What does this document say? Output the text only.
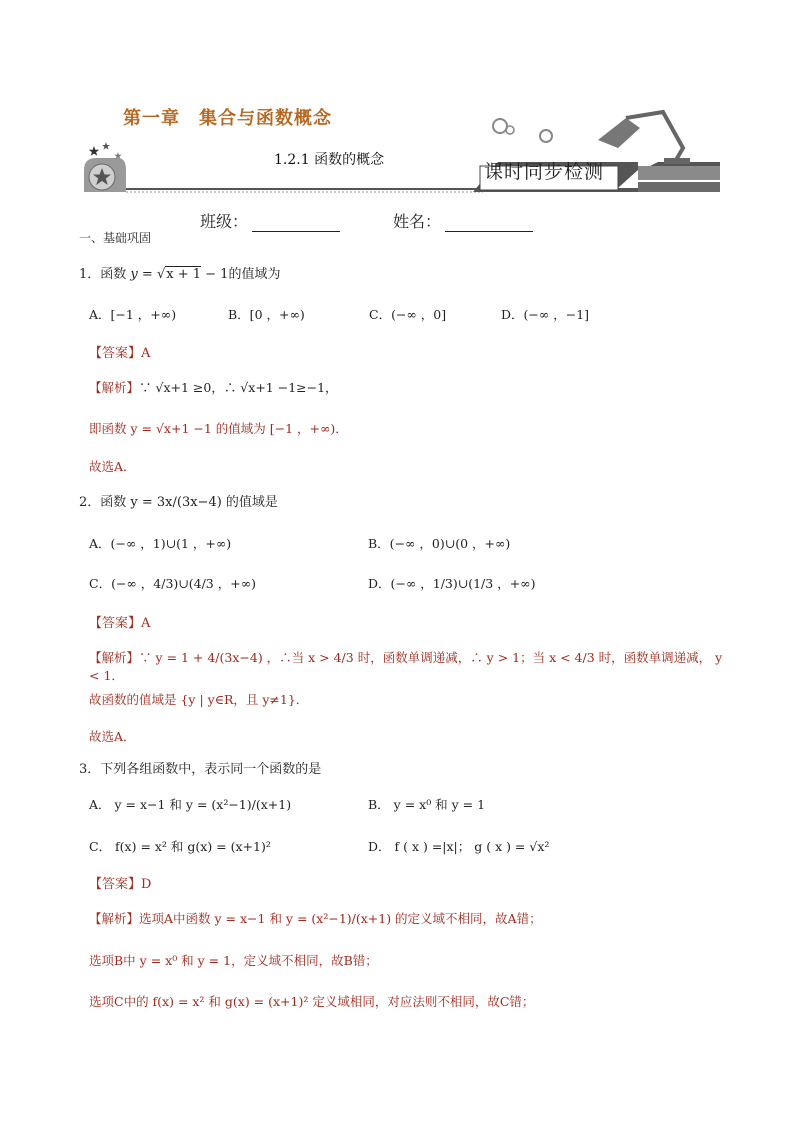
第一章　集合与函数概念
1.2.1 函数的概念
课时同步检测
班级：	姓名：
一、基础巩固
1．函数 y = √x + 1 − 1的值域为
A．[−1 ，+∞)	B．[0 ，+∞)	C．(−∞ ，0]	D．(−∞ ，−1]
【答案】A
【解析】∵ √x+1 ≥0，∴ √x+1 −1≥−1，
即函数 y = √x+1 −1 的值域为 [−1 ，+∞)．
故选A．
2．函数 y = 3x/(3x−4) 的值域是
A．(−∞ ，1)∪(1 ，+∞)	B．(−∞ ，0)∪(0 ，+∞)
C．(−∞ ，4/3)∪(4/3 ，+∞)	D．(−∞ ，1/3)∪(1/3 ，+∞)
【答案】A
【解析】∵ y = 1 + 4/(3x−4) ，∴当 x > 4/3 时，函数单调递减，∴ y > 1；当 x < 4/3 时，函数单调递减， y < 1．
故函数的值域是 {y | y∈R，且 y≠1}．
故选A．
3．下列各组函数中，表示同一个函数的是
A． y = x−1 和 y = (x²−1)/(x+1)	B． y = x⁰ 和 y = 1
C． f(x) = x² 和 g(x) = (x+1)²	D． f ( x ) =|x|； g ( x ) = √x²
【答案】D
【解析】选项A中函数 y = x−1 和 y = (x²−1)/(x+1) 的定义域不相同，故A错；
选项B中 y = x⁰ 和 y = 1，定义域不相同，故B错；
选项C中的 f(x) = x² 和 g(x) = (x+1)² 定义域相同，对应法则不相同，故C错；
